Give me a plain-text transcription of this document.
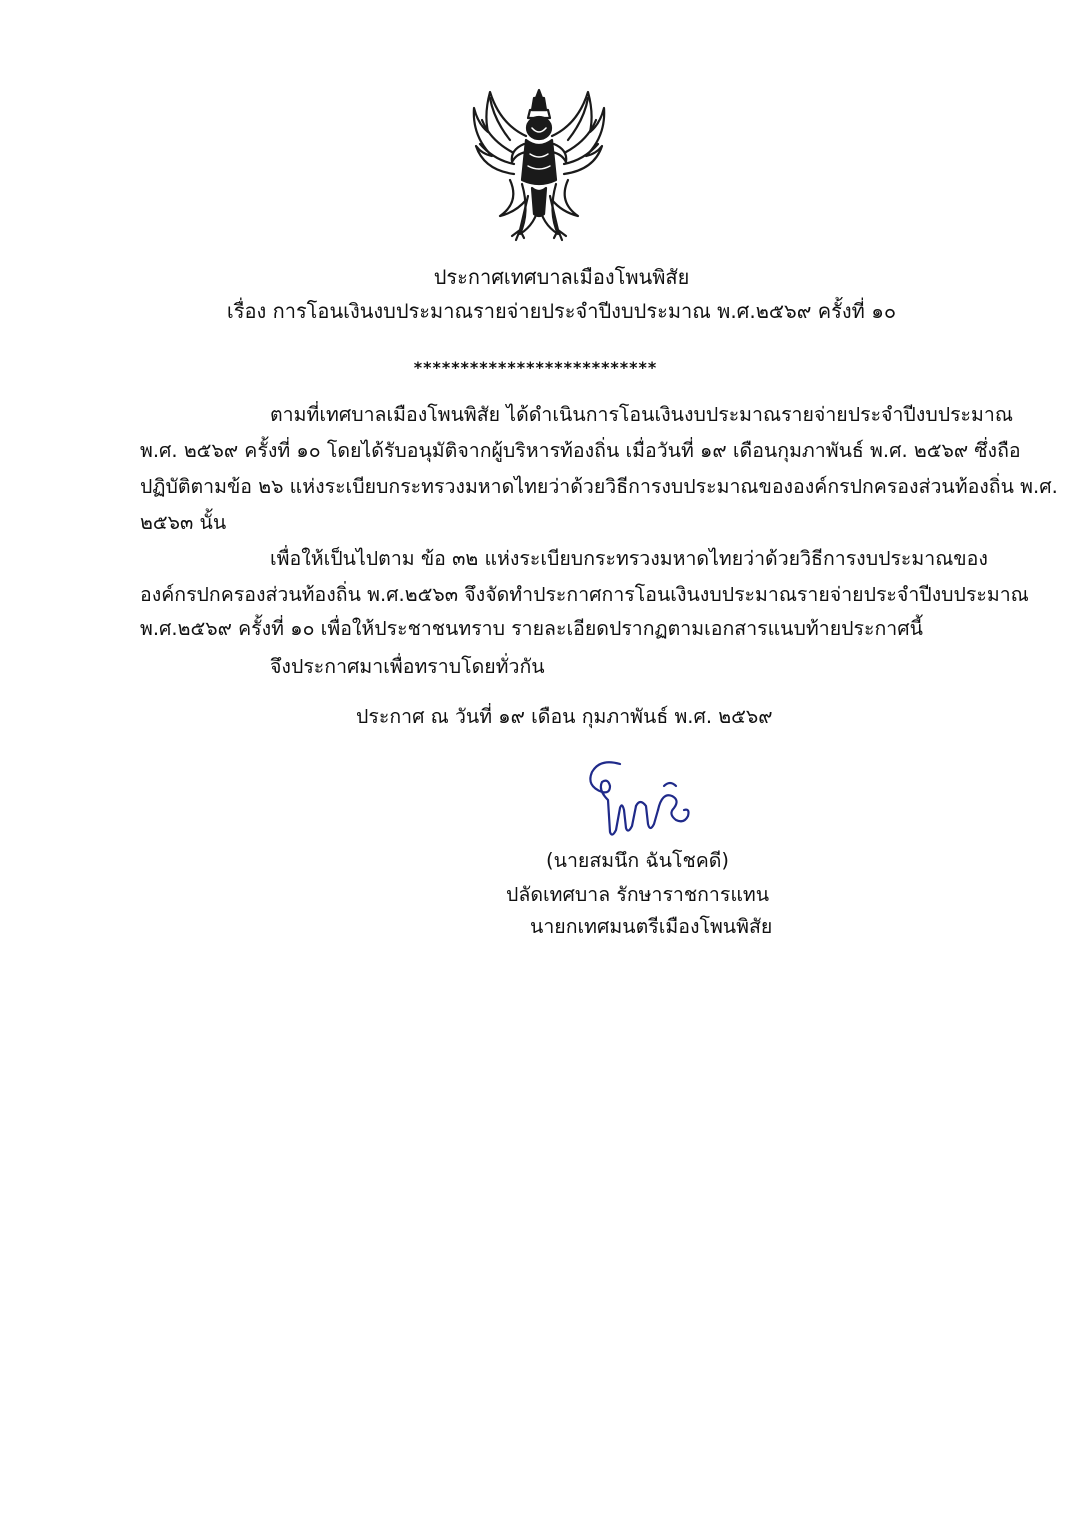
ประกาศเทศบาลเมืองโพนพิสัย
เรื่อง การโอนเงินงบประมาณรายจ่ายประจำปีงบประมาณ พ.ศ.๒๕๖๙ ครั้งที่ ๑๐
**************************
ตามที่เทศบาลเมืองโพนพิสัย ได้ดำเนินการโอนเงินงบประมาณรายจ่ายประจำปีงบประมาณ
พ.ศ. ๒๕๖๙ ครั้งที่ ๑๐ โดยได้รับอนุมัติจากผู้บริหารท้องถิ่น เมื่อวันที่ ๑๙ เดือนกุมภาพันธ์ พ.ศ. ๒๕๖๙ ซึ่งถือ
ปฏิบัติตามข้อ ๒๖ แห่งระเบียบกระทรวงมหาดไทยว่าด้วยวิธีการงบประมาณขององค์กรปกครองส่วนท้องถิ่น พ.ศ.
๒๕๖๓ นั้น
เพื่อให้เป็นไปตาม ข้อ ๓๒ แห่งระเบียบกระทรวงมหาดไทยว่าด้วยวิธีการงบประมาณของ
องค์กรปกครองส่วนท้องถิ่น พ.ศ.๒๕๖๓ จึงจัดทำประกาศการโอนเงินงบประมาณรายจ่ายประจำปีงบประมาณ
พ.ศ.๒๕๖๙ ครั้งที่ ๑๐ เพื่อให้ประชาชนทราบ รายละเอียดปรากฏตามเอกสารแนบท้ายประกาศนี้
จึงประกาศมาเพื่อทราบโดยทั่วกัน
ประกาศ ณ วันที่ ๑๙ เดือน กุมภาพันธ์ พ.ศ. ๒๕๖๙
(นายสมนึก ฉันโชคดี)
ปลัดเทศบาล รักษาราชการแทน
นายกเทศมนตรีเมืองโพนพิสัย
